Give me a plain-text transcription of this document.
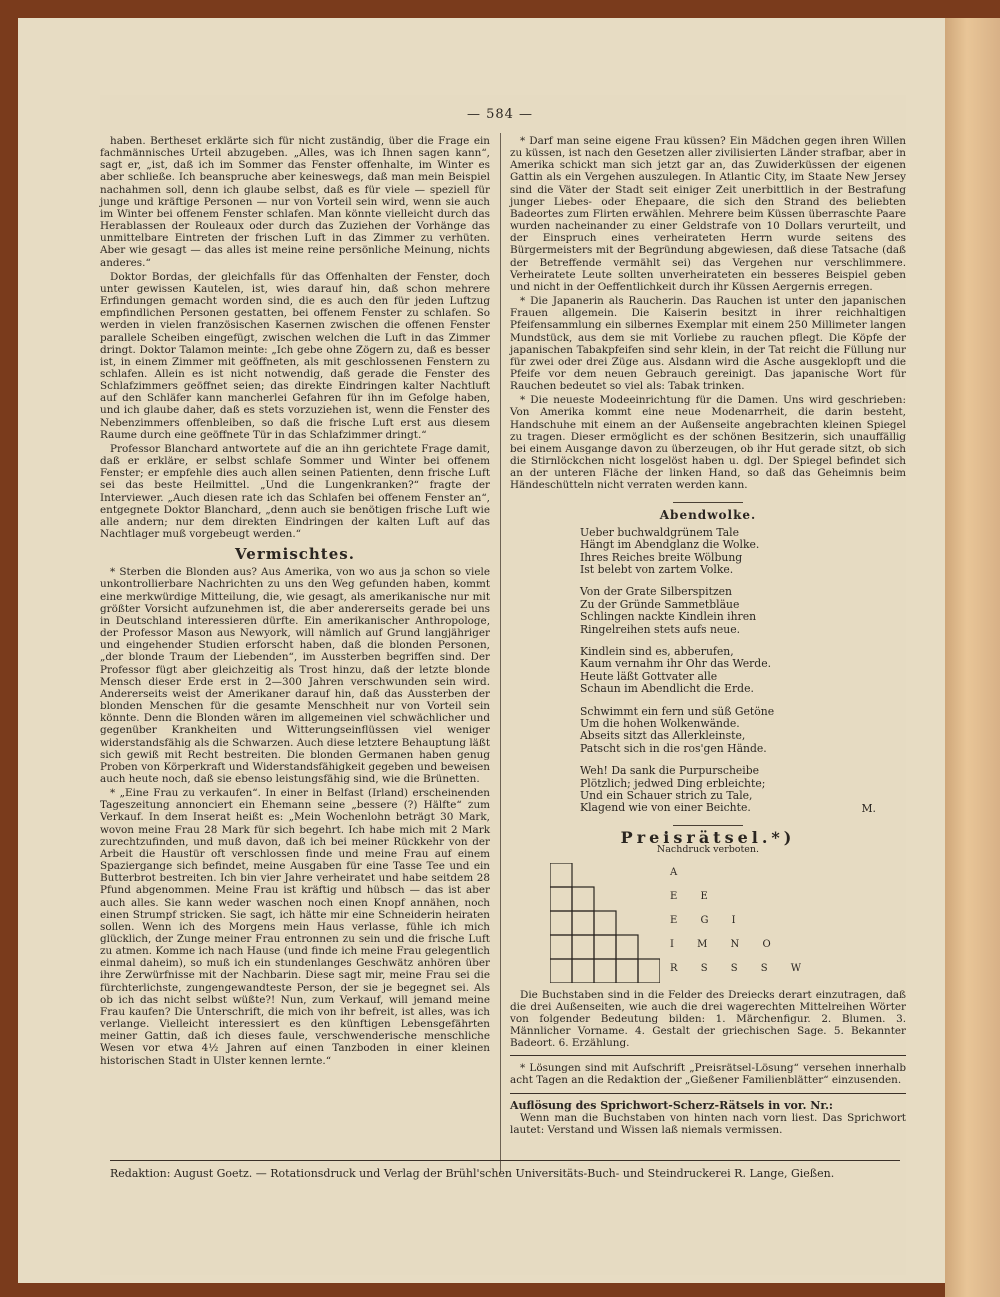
— 584 —

haben. Bertheset erklärte sich für nicht zuständig, über die Frage ein fachmännisches Urteil abzugeben. „Alles, was ich Ihnen sagen kann“, sagt er, „ist, daß ich im Sommer das Fenster offenhalte, im Winter es aber schließe. Ich beanspruche aber keineswegs, daß man mein Beispiel nachahmen soll, denn ich glaube selbst, daß es für viele — speziell für junge und kräftige Personen — nur von Vorteil sein wird, wenn sie auch im Winter bei offenem Fenster schlafen. Man könnte vielleicht durch das Herablassen der Rouleaux oder durch das Zuziehen der Vorhänge das unmittelbare Eintreten der frischen Luft in das Zimmer zu verhüten. Aber wie gesagt — das alles ist meine reine persönliche Meinung, nichts anderes.“

Doktor Bordas, der gleichfalls für das Offenhalten der Fenster, doch unter gewissen Kautelen, ist, wies darauf hin, daß schon mehrere Erfindungen gemacht worden sind, die es auch den für jeden Luftzug empfindlichen Personen gestatten, bei offenem Fenster zu schlafen. So werden in vielen französischen Kasernen zwischen die offenen Fenster parallele Scheiben eingefügt, zwischen welchen die Luft in das Zimmer dringt. Doktor Talamon meinte: „Ich gebe ohne Zögern zu, daß es besser ist, in einem Zimmer mit geöffneten, als mit geschlossenen Fenstern zu schlafen. Allein es ist nicht notwendig, daß gerade die Fenster des Schlafzimmers geöffnet seien; das direkte Eindringen kalter Nachtluft auf den Schläfer kann mancherlei Gefahren für ihn im Gefolge haben, und ich glaube daher, daß es stets vorzuziehen ist, wenn die Fenster des Nebenzimmers offenbleiben, so daß die frische Luft erst aus diesem Raume durch eine geöffnete Tür in das Schlafzimmer dringt.“

Professor Blanchard antwortete auf die an ihn gerichtete Frage damit, daß er erkläre, er selbst schlafe Sommer und Winter bei offenem Fenster; er empfehle dies auch allen seinen Patienten, denn frische Luft sei das beste Heilmittel. „Und die Lungenkranken?“ fragte der Interviewer. „Auch diesen rate ich das Schlafen bei offenem Fenster an“, entgegnete Doktor Blanchard, „denn auch sie benötigen frische Luft wie alle andern; nur dem direkten Eindringen der kalten Luft auf das Nachtlager muß vorgebeugt werden.“

Vermischtes.

* Sterben die Blonden aus? Aus Amerika, von wo aus ja schon so viele unkontrollierbare Nachrichten zu uns den Weg gefunden haben, kommt eine merkwürdige Mitteilung, die, wie gesagt, als amerikanische nur mit größter Vorsicht aufzunehmen ist, die aber andererseits gerade bei uns in Deutschland interessieren dürfte. Ein amerikanischer Anthropologe, der Professor Mason aus Newyork, will nämlich auf Grund langjähriger und eingehender Studien erforscht haben, daß die blonden Personen, „der blonde Traum der Liebenden“, im Aussterben begriffen sind. Der Professor fügt aber gleichzeitig als Trost hinzu, daß der letzte blonde Mensch dieser Erde erst in 2—300 Jahren verschwunden sein wird. Andererseits weist der Amerikaner darauf hin, daß das Aussterben der blonden Menschen für die gesamte Menschheit nur von Vorteil sein könnte. Denn die Blonden wären im allgemeinen viel schwächlicher und gegenüber Krankheiten und Witterungseinflüssen viel weniger widerstandsfähig als die Schwarzen. Auch diese letztere Behauptung läßt sich gewiß mit Recht bestreiten. Die blonden Germanen haben genug Proben von Körperkraft und Widerstandsfähigkeit gegeben und beweisen auch heute noch, daß sie ebenso leistungsfähig sind, wie die Brünetten.

* „Eine Frau zu verkaufen“. In einer in Belfast (Irland) erscheinenden Tageszeitung annonciert ein Ehemann seine „bessere (?) Hälfte“ zum Verkauf. In dem Inserat heißt es: „Mein Wochenlohn beträgt 30 Mark, wovon meine Frau 28 Mark für sich begehrt. Ich habe mich mit 2 Mark zurechtzufinden, und muß davon, daß ich bei meiner Rückkehr von der Arbeit die Haustür oft verschlossen finde und meine Frau auf einem Spaziergange sich befindet, meine Ausgaben für eine Tasse Tee und ein Butterbrot bestreiten. Ich bin vier Jahre verheiratet und habe seitdem 28 Pfund abgenommen. Meine Frau ist kräftig und hübsch — das ist aber auch alles. Sie kann weder waschen noch einen Knopf annähen, noch einen Strumpf stricken. Sie sagt, ich hätte mir eine Schneiderin heiraten sollen. Wenn ich des Morgens mein Haus verlasse, fühle ich mich glücklich, der Zunge meiner Frau entronnen zu sein und die frische Luft zu atmen. Komme ich nach Hause (und finde ich meine Frau gelegentlich einmal daheim), so muß ich ein stundenlanges Geschwätz anhören über ihre Zerwürfnisse mit der Nachbarin. Diese sagt mir, meine Frau sei die fürchterlichste, zungengewandteste Person, der sie je begegnet sei. Als ob ich das nicht selbst wüßte?! Nun, zum Verkauf, will jemand meine Frau kaufen? Die Unterschrift, die mich von ihr befreit, ist alles, was ich verlange. Vielleicht interessiert es den künftigen Lebensgefährten meiner Gattin, daß ich dieses faule, verschwenderische menschliche Wesen vor etwa 4½ Jahren auf einen Tanzboden in einer kleinen historischen Stadt in Ulster kennen lernte.“

* Darf man seine eigene Frau küssen? Ein Mädchen gegen ihren Willen zu küssen, ist nach den Gesetzen aller zivilisierten Länder strafbar, aber in Amerika schickt man sich jetzt gar an, das Zuwiderküssen der eigenen Gattin als ein Vergehen auszulegen. In Atlantic City, im Staate New Jersey sind die Väter der Stadt seit einiger Zeit unerbittlich in der Bestrafung junger Liebes- oder Ehepaare, die sich den Strand des beliebten Badeortes zum Flirten erwählen. Mehrere beim Küssen überraschte Paare wurden nacheinander zu einer Geldstrafe von 10 Dollars verurteilt, und der Einspruch eines verheirateten Herrn wurde seitens des Bürgermeisters mit der Begründung abgewiesen, daß diese Tatsache (daß der Betreffende vermählt sei) das Vergehen nur verschlimmere. Verheiratete Leute sollten unverheirateten ein besseres Beispiel geben und nicht in der Oeffentlichkeit durch ihr Küssen Aergernis erregen.

* Die Japanerin als Raucherin. Das Rauchen ist unter den japanischen Frauen allgemein. Die Kaiserin besitzt in ihrer reichhaltigen Pfeifensammlung ein silbernes Exemplar mit einem 250 Millimeter langen Mundstück, aus dem sie mit Vorliebe zu rauchen pflegt. Die Köpfe der japanischen Tabakpfeifen sind sehr klein, in der Tat reicht die Füllung nur für zwei oder drei Züge aus. Alsdann wird die Asche ausgeklopft und die Pfeife vor dem neuen Gebrauch gereinigt. Das japanische Wort für Rauchen bedeutet so viel als: Tabak trinken.

* Die neueste Modeeinrichtung für die Damen. Uns wird geschrieben: Von Amerika kommt eine neue Modenarrheit, die darin besteht, Handschuhe mit einem an der Außenseite angebrachten kleinen Spiegel zu tragen. Dieser ermöglicht es der schönen Besitzerin, sich unauffällig bei einem Ausgange davon zu überzeugen, ob ihr Hut gerade sitzt, ob sich die Stirnlöckchen nicht losgelöst haben u. dgl. Der Spiegel befindet sich an der unteren Fläche der linken Hand, so daß das Geheimnis beim Händeschütteln nicht verraten werden kann.

Abendwolke.
Ueber buchwaldgrünem Tale
Hängt im Abendglanz die Wolke.
Ihres Reiches breite Wölbung
Ist belebt von zartem Volke.
Von der Grate Silberspitzen
Zu der Gründe Sammetbläue
Schlingen nackte Kindlein ihren
Ringelreihen stets aufs neue.
Kindlein sind es, abberufen,
Kaum vernahm ihr Ohr das Werde.
Heute läßt Gottvater alle
Schaun im Abendlicht die Erde.
Schwimmt ein fern und süß Getöne
Um die hohen Wolkenwände.
Abseits sitzt das Allerkleinste,
Patscht sich in die ros'gen Hände.
Weh! Da sank die Purpurscheibe
Plötzlich; jedwed Ding erbleichte;
Und ein Schauer strich zu Tale,
Klagend wie von einer Beichte.	M.
Preisrätsel.*)
Nachdruck verboten.
A
E E
E G I
I M N O
R S S S W

Die Buchstaben sind in die Felder des Dreiecks derart einzutragen, daß die drei Außenseiten, wie auch die drei wagerechten Mittelreihen Wörter von folgender Bedeutung bilden: 1. Märchenfigur. 2. Blumen. 3. Männlicher Vorname. 4. Gestalt der griechischen Sage. 5. Bekannter Badeort. 6. Erzählung.

* Lösungen sind mit Aufschrift „Preisrätsel-Lösung“ versehen innerhalb acht Tagen an die Redaktion der „Gießener Familienblätter“ einzusenden.

Auflösung des Sprichwort-Scherz-Rätsels in vor. Nr.:

Wenn man die Buchstaben von hinten nach vorn liest. Das Sprichwort lautet: Verstand und Wissen laß niemals vermissen.

Redaktion: August Goetz. — Rotationsdruck und Verlag der Brühl'schen Universitäts-Buch- und Steindruckerei R. Lange, Gießen.
